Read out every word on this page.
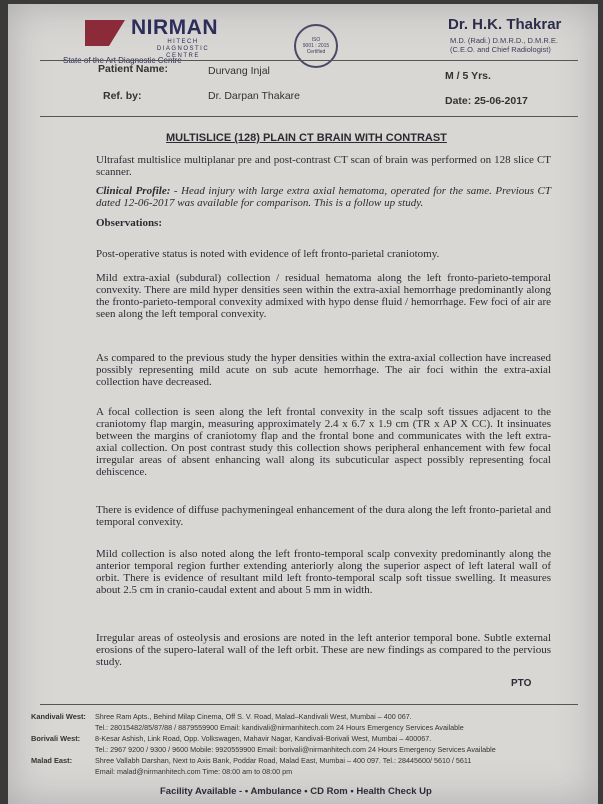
NIRMAN
HITECH DIAGNOSTIC CENTRE
State of the Art Diagnostic Centre
ISO
9001 : 2015
Certified
Dr. H.K. Thakrar
M.D. (Radi.) D.M.R.D., D.M.R.E.
(C.E.O. and Chief Radiologist)
Patient Name:	Durvang Injal	M / 5 Yrs.
Ref. by:	Dr. Darpan Thakare	Date: 25-06-2017
MULTISLICE (128) PLAIN CT BRAIN WITH CONTRAST

Ultrafast multislice multiplanar pre and post-contrast CT scan of brain was performed on 128 slice CT scanner.

Clinical Profile: - Head injury with large extra axial hematoma, operated for the same. Previous CT dated 12-06-2017 was available for comparison. This is a follow up study.

Observations:

Post-operative status is noted with evidence of left fronto-parietal craniotomy.

Mild extra-axial (subdural) collection / residual hematoma along the left fronto-parieto-temporal convexity. There are mild hyper densities seen within the extra-axial hemorrhage predominantly along the fronto-parieto-temporal convexity admixed with hypo dense fluid / hemorrhage. Few foci of air are seen along the left temporal convexity.

As compared to the previous study the hyper densities within the extra-axial collection have increased possibly representing mild acute on sub acute hemorrhage. The air foci within the extra-axial collection have decreased.

A focal collection is seen along the left frontal convexity in the scalp soft tissues adjacent to the craniotomy flap margin, measuring approximately 2.4 x 6.7 x 1.9 cm (TR x AP X CC). It insinuates between the margins of craniotomy flap and the frontal bone and communicates with the left extra-axial collection. On post contrast study this collection shows peripheral enhancement with few focal irregular areas of absent enhancing wall along its subcuticular aspect possibly representing focal dehiscence.

There is evidence of diffuse pachymeningeal enhancement of the dura along the left fronto-parietal and temporal convexity.

Mild collection is also noted along the left fronto-temporal scalp convexity predominantly along the anterior temporal region further extending anteriorly along the superior aspect of left lateral wall of orbit. There is evidence of resultant mild left fronto-temporal scalp soft tissue swelling. It measures about 2.5 cm in cranio-caudal extent and about 5 mm in width.

Irregular areas of osteolysis and erosions are noted in the left anterior temporal bone. Subtle external erosions of the supero-lateral wall of the left orbit. These are new findings as compared to the pervious study.

PTO
Kandivali West: Shree Ram Apts., Behind Milap Cinema, Off S. V. Road, Malad–Kandivali West, Mumbai – 400 067.
Tel.: 28015482/85/87/88 / 8879559900 Email: kandivali@nirmanhitech.com 24 Hours Emergency Services Available
Borivali West: 8-Kesar Ashish, Link Road, Opp. Volkswagen, Mahavir Nagar, Kandivali-Borivali West, Mumbai – 400067.
Tel.: 2967 9200 / 9300 / 9600 Mobile: 9920559900 Email: borivali@nirmanhitech.com 24 Hours Emergency Services Available
Malad East:	Shree Vallabh Darshan, Next to Axis Bank, Poddar Road, Malad East, Mumbai – 400 097. Tel.: 28445600/ 5610 / 5611
Email: malad@nirmanhitech.com Time: 08:00 am to 08:00 pm
Facility Available - • Ambulance • CD Rom • Health Check Up
